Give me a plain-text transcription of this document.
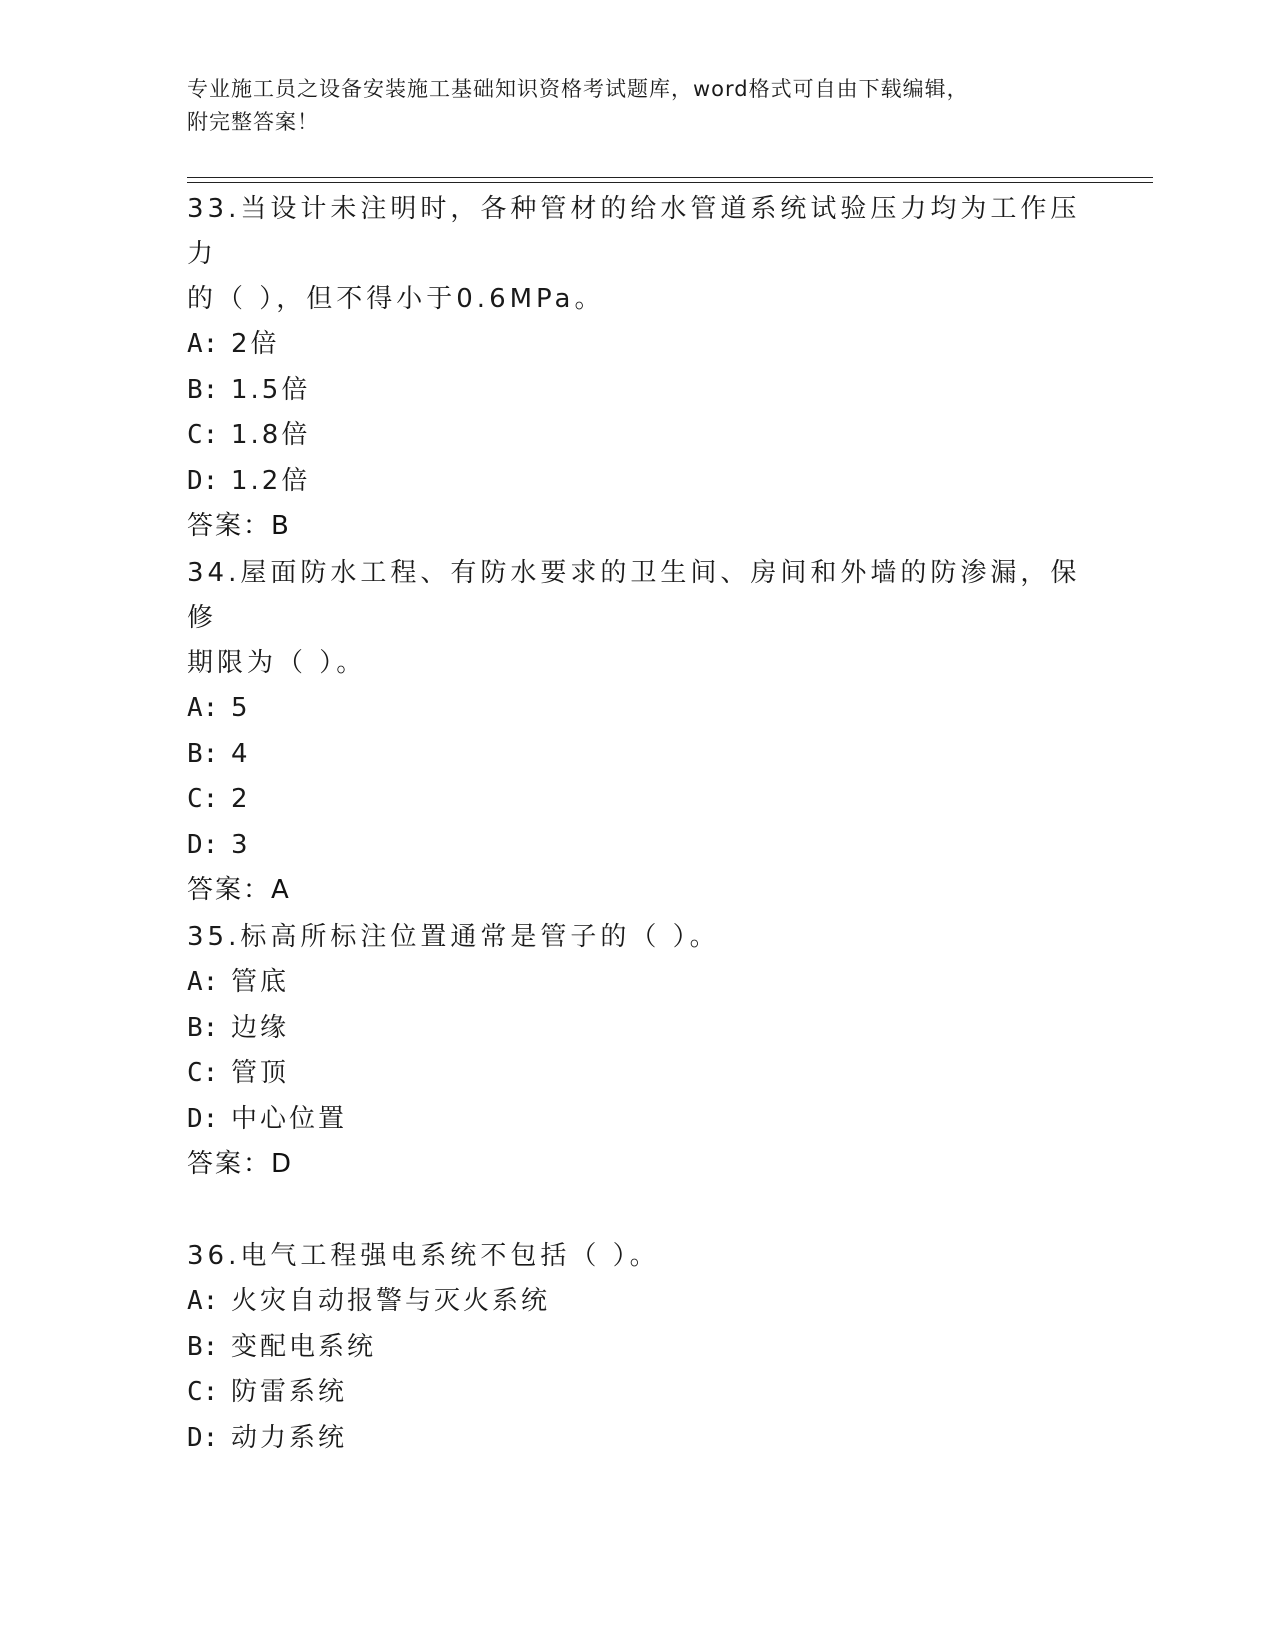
专业施工员之设备安装施工基础知识资格考试题库，word格式可自由下载编辑，
附完整答案！
33.当设计未注明时，各种管材的给水管道系统试验压力均为工作压力
的（ ），但不得小于0.6MPa。
A: 2倍
B: 1.5倍
C: 1.8倍
D: 1.2倍
答案：B
34.屋面防水工程、有防水要求的卫生间、房间和外墙的防渗漏，保修
期限为（ ）。
A: 5
B: 4
C: 2
D: 3
答案：A
35.标高所标注位置通常是管子的（ ）。
A: 管底
B: 边缘
C: 管顶
D: 中心位置
答案：D
36.电气工程强电系统不包括（ ）。
A: 火灾自动报警与灭火系统
B: 变配电系统
C: 防雷系统
D: 动力系统
